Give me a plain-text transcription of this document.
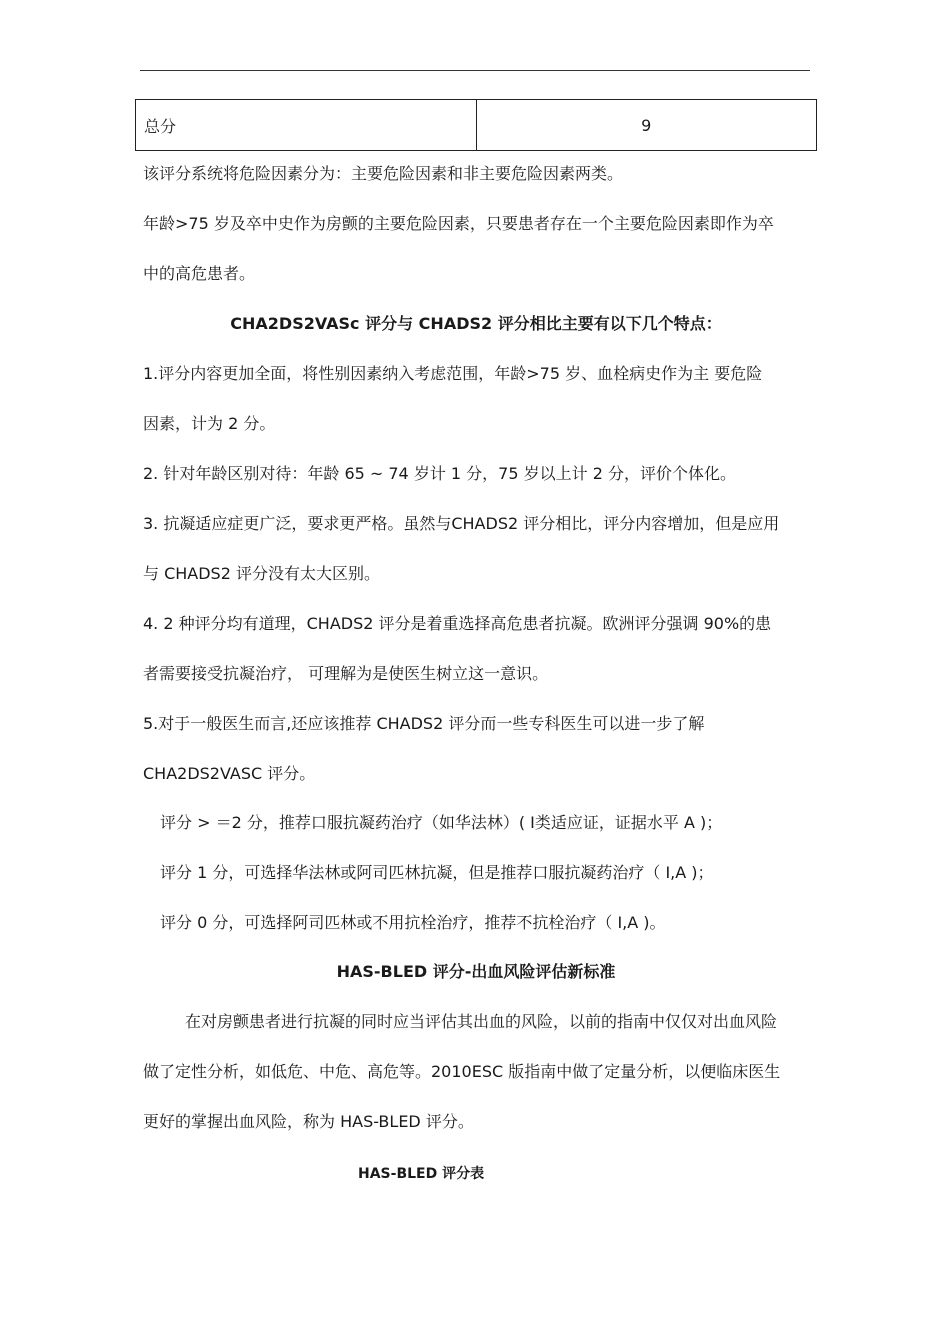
总分	9
该评分系统将危险因素分为：主要危险因素和非主要危险因素两类。
年龄>75 岁及卒中史作为房颤的主要危险因素，只要患者存在一个主要危险因素即作为卒
中的高危患者。
CHA2DS2VASc 评分与 CHADS2 评分相比主要有以下几个特点：
1.评分内容更加全面，将性别因素纳入考虑范围，年龄>75 岁、血栓病史作为主 要危险
因素，计为 2 分。
2. 针对年龄区别对待：年龄 65 ~ 74 岁计 1 分，75 岁以上计 2 分，评价个体化。
3. 抗凝适应症更广泛，要求更严格。虽然与CHADS2 评分相比，评分内容增加，但是应用
与 CHADS2 评分没有太大区别。
4. 2 种评分均有道理，CHADS2 评分是着重选择高危患者抗凝。欧洲评分强调 90%的患
者需要接受抗凝治疗， 可理解为是使医生树立这一意识。
5.对于一般医生而言,还应该推荐 CHADS2 评分而一些专科医生可以进一步了解
CHA2DS2VASC 评分。
评分 > ＝2 分，推荐口服抗凝药治疗（如华法林）( Ⅰ类适应证，证据水平 A )；
评分 1 分，可选择华法林或阿司匹林抗凝，但是推荐口服抗凝药治疗（ Ⅰ,A )；
评分 0 分，可选择阿司匹林或不用抗栓治疗，推荐不抗栓治疗（ Ⅰ,A )。
HAS-BLED 评分-出血风险评估新标准
在对房颤患者进行抗凝的同时应当评估其出血的风险，以前的指南中仅仅对出血风险
做了定性分析，如低危、中危、高危等。2010ESC 版指南中做了定量分析，以便临床医生
更好的掌握出血风险，称为 HAS-BLED 评分。
HAS-BLED 评分表
